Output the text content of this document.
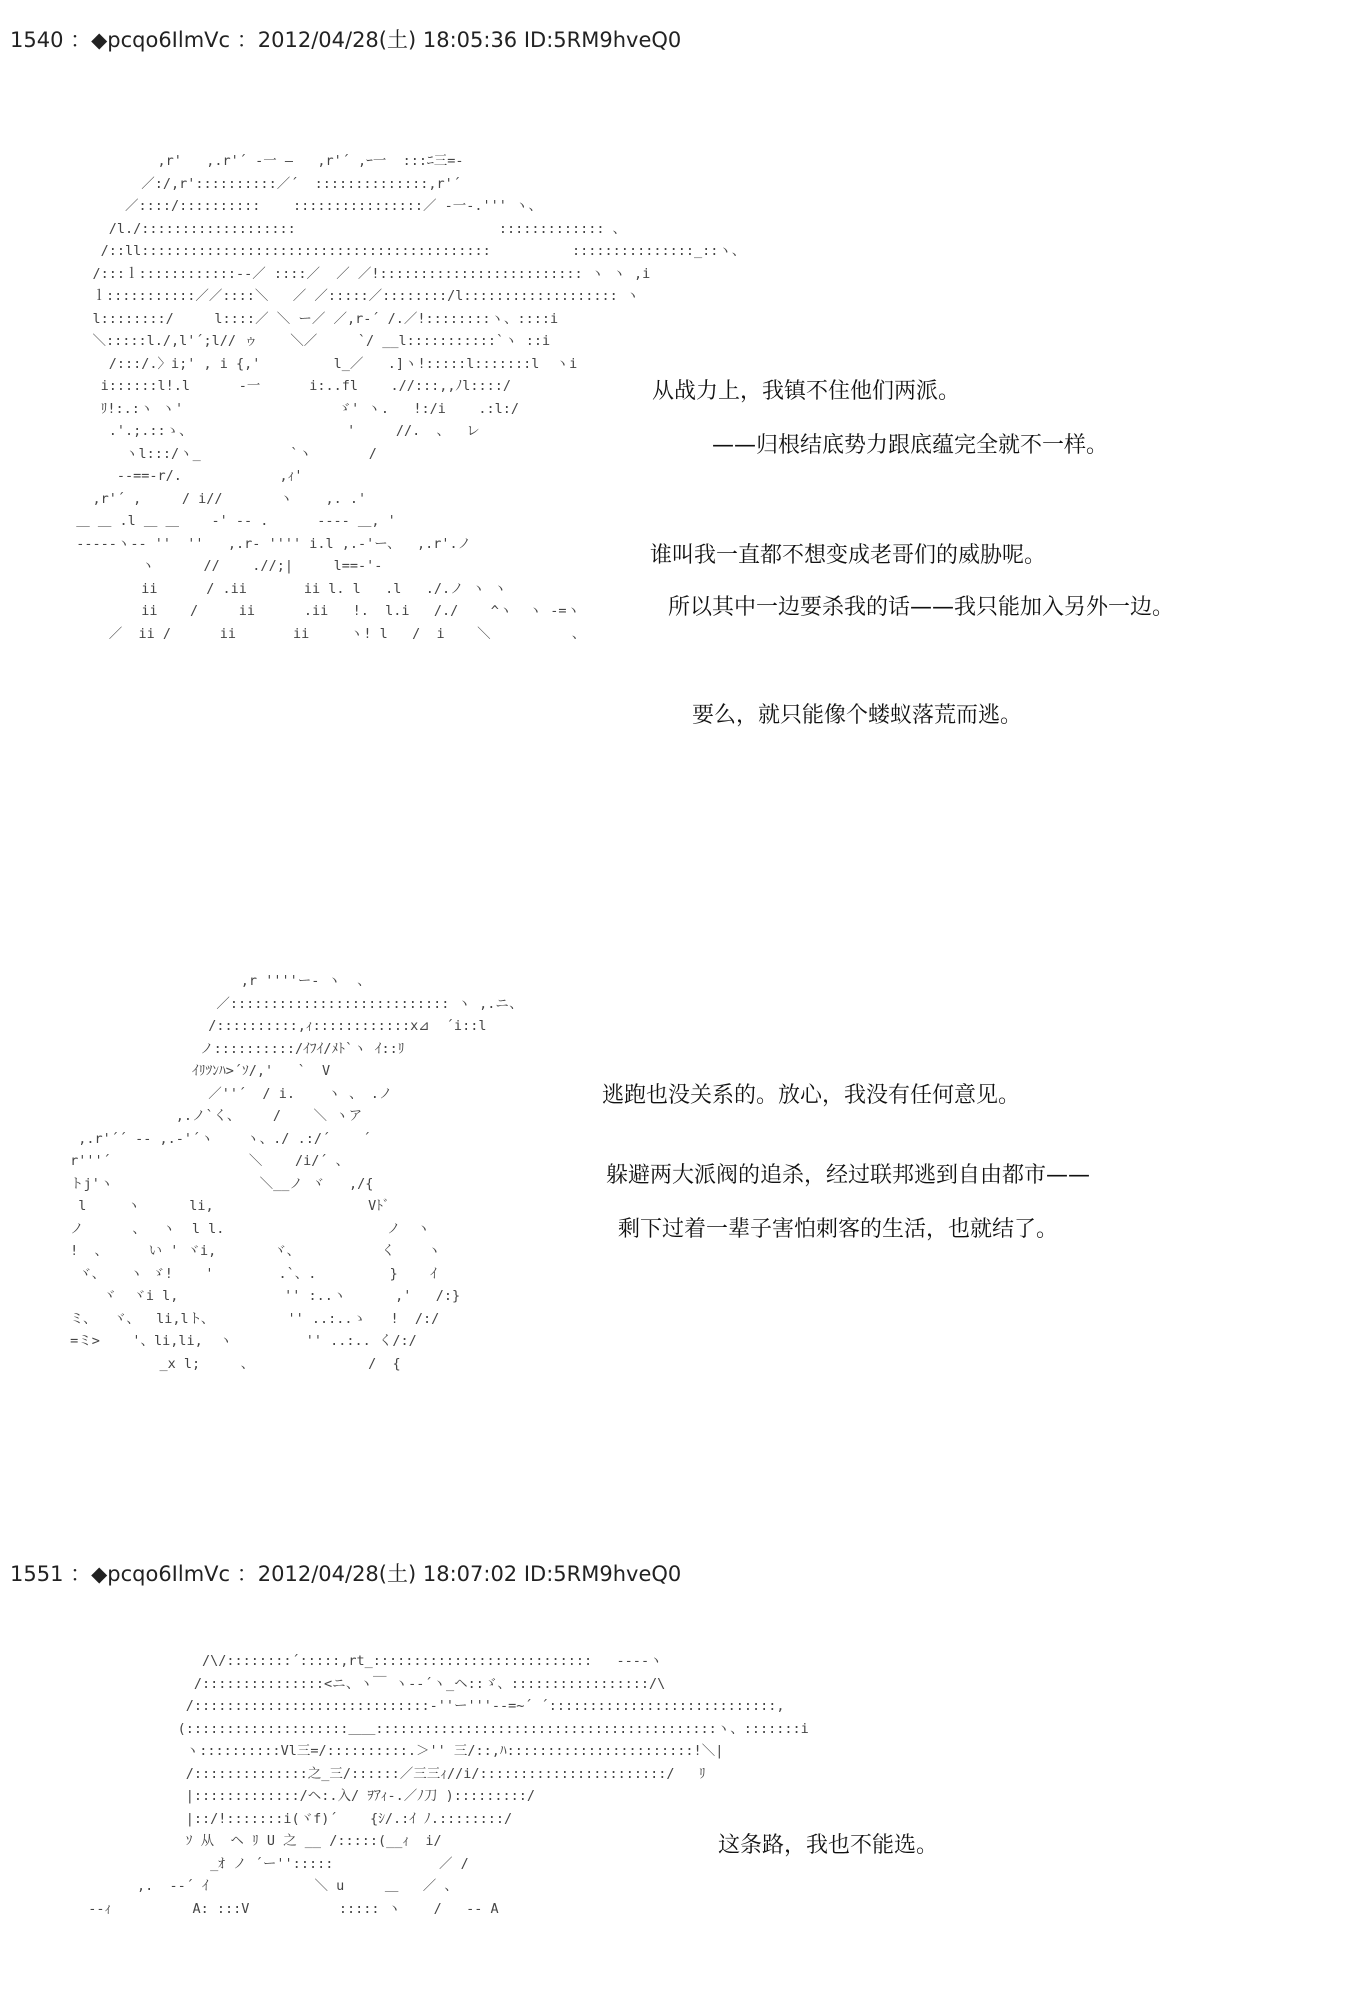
1540 ：◆pcqo6IlmVc ：2012/04/28(土) 18:05:36 ID:5RM9hveQ0
,r'   ,.r'´ ‐一 ―   ,r'´ ,ｰ一  :::ﾆ三=-
／:/,r'::::::::::／´  ::::::::::::::,r'´
／::::/::::::::::    ::::::::::::::::／ ‐一-.''' ヽ、
/l./:::::::::::::::::::                         ::::::::::::: 、
/::ll:::::::::::::::::::::::::::::::::::::::::::          :::::::::::::::_::ヽ、
/:::ｌ::::::::::::-‐／ ::::／  ／ ／!::::::::::::::::::::::::: ヽ ヽ ,i
ｌ:::::::::::／／::::＼   ／ ／:::::／::::::::/l::::::::::::::::::: ヽ
l::::::::/     l::::／ ＼ ー／ ／,r‐´ /.／!::::::::ヽ、::::i
＼:::::l./,l'´;l// ゥ    ＼／     `/ __l:::::::::::`ヽ ::i
/:::/.〉i;' , i {,'         l_／   .]ヽ!:::::l:::::::l  ヽi
i::::::l!.l      ‐一      i:..fl    .//:::,,ﾉl::::/
ﾘ!:.:ヽ ヽ'                   ゞ' ヽ.   !:/i    .:l:/
.'.;.::ゝ、                   '     //.  、  レ
ヽl:::/ヽ_           `ヽ       /
‐-==‐r/.            ,ｨ'
,r'´ ,     / i//       ヽ    ,. .'
＿ ＿ .l ＿ ＿    ‐' ‐‐ .      ‐‐-- ＿, '
‐‐‐‐‐ヽ‐‐ ''  ''   ,.r‐ '''' i.l ,.‐'ー、  ,.r'.ノ
ヽ      //    .//;|     l==‐'‐
ii      / .ii       ii l. l   .l   ./.ノ ヽ ヽ
ii    /     ii      .ii   !.  l.i   /./    ^ヽ  ヽ ‐=ヽ
／  ii /      ii       ii     ヽ! l   /  i    ＼          、
从战力上，我镇不住他们两派。
——归根结底势力跟底蕴完全就不一样。
谁叫我一直都不想变成老哥们的威胁呢。
所以其中一边要杀我的话——我只能加入另外一边。
要么，就只能像个蝼蚁落荒而逃。
,r ''''ー‐ ヽ  、
／::::::::::::::::::::::::::: ヽ ,.ニ、
/::::::::::,ｨ::::::::::::x⊿  ´i::l
ノ::::::::::/ｲﾌｲ/ﾒﾄ`ヽ ｲ::ﾘ
ｲﾘﾂﾝﾊ>´ｿ/,'   `  V
／''´  / i.    ヽ 、 .ノ
,.ノ`く、    /    ＼ ヽア
,.r'´´ ‐‐ ,.‐'´ヽ    ヽ、./ .:/´    ´
r'''´                 ＼    /i/´ 、
トj'ヽ                  ＼__ノ ヾ   ,/{
l     ヽ      li,                   Vﾄﾞ
ノ      、  ヽ  l l.                    ノ  ヽ
!  、     い ' ヾi,       ヾ、          く    ヽ
ヾ、   ヽ ゞ!    '        .`、.         }    ｲ
ヾ  ヾi l,             '' :..ヽ      ,'   /:}
ミ、  ヾ、  li,lト、         '' ..:..ゝ   !  /:/
=ミ>    '、li,li,  ヽ         '' ..:.. く/:/
_x l;     、              /  {
逃跑也没关系的。放心，我没有任何意见。
躲避两大派阀的追杀，经过联邦逃到自由都市——
剩下过着一辈子害怕刺客的生活，也就结了。
1551 ：◆pcqo6IlmVc ：2012/04/28(土) 18:07:02 ID:5RM9hveQ0
/\/::::::::´:::::,rt_:::::::::::::::::::::::::::   ‐‐‐‐ヽ
/:::::::::::::::<ニ、ヽ￣ ヽ‐-´ヽ_ヘ::ゞ、:::::::::::::::::/\
/:::::::::::::::::::::::::::::‐''ー'''‐‐=~´ ´::::::::::::::::::::::::::::,
(::::::::::::::::::::＿＿::::::::::::::::::::::::::::::::::::::::::ヽ、:::::::i
ヽ::::::::::Vl三=/::::::::::.＞'' 三/::,ﾊ:::::::::::::::::::::::!＼|
/::::::::::::::之_三/::::::／三三ｨ//i/:::::::::::::::::::::::/   ﾘ
|:::::::::::::/ヘ:.入/ ｦｱｨ‐.／ﾉ刀 ):::::::::/
|::/!:::::::i(ヾf)´    {ｼ/.:ｲ ﾉ.::::::::/
ｿ 从  ヘ ﾘ U 之 __ /:::::(__ｨ  i/
_ｵ ノ ´ー'':::::             ／ /
,.  -‐´ ｲ             ＼ u     ＿   ／ 、
‐‐ｨ          A: :::V           ::::: ヽ    /   ‐‐ A
这条路，我也不能选。
